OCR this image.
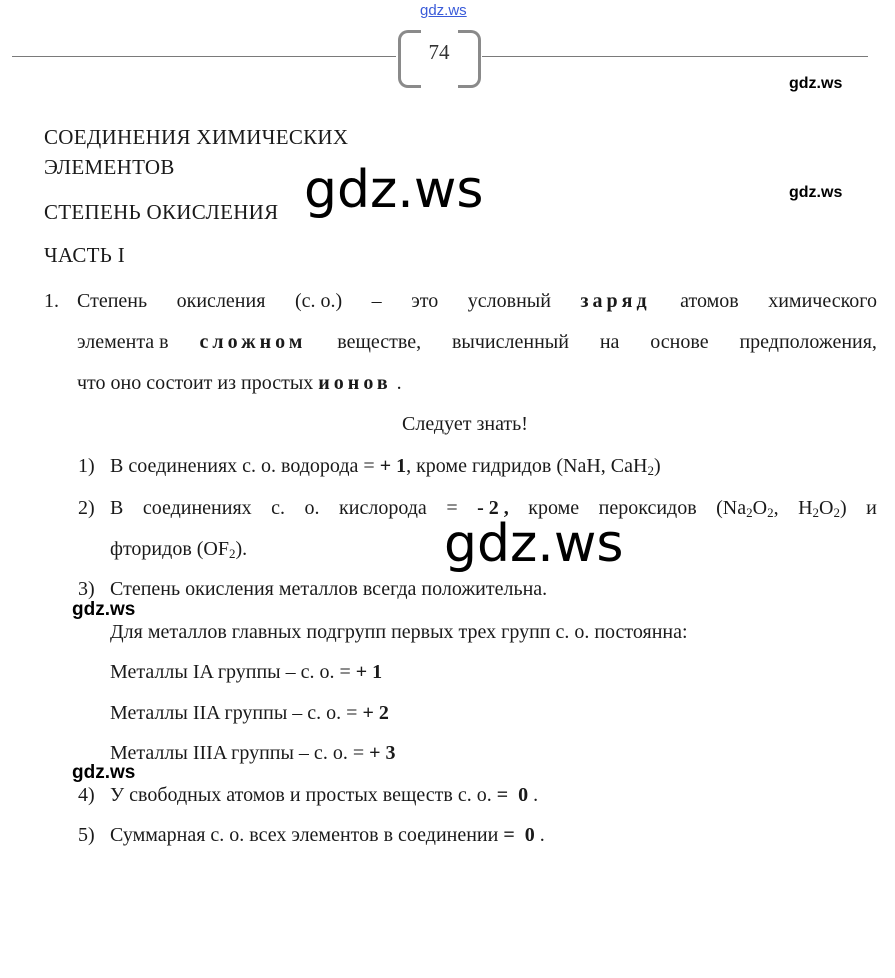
74
gdz.ws
gdz.ws
gdz.ws
gdz.ws
gdz.ws
gdz.ws
gdz.ws
СОЕДИНЕНИЯ ХИМИЧЕСКИХ
ЭЛЕМЕНТОВ
СТЕПЕНЬ ОКИСЛЕНИЯ
ЧАСТЬ I
1. Степень окисления (с. о.) – это условный заряд атомов химического
элемента в сложном веществе, вычисленный на основе предположения,
что оно состоит из простых ионов .
Следует знать!
1) В соединениях с. о. водорода = + 1, кроме гидридов (NaH, CaH$_2$)
2) В соединениях с. о. кислорода = - 2 , кроме пероксидов ($Na_2O_2$, $H_2O_2$) и
фторидов $(OF_2)$.
3) Степень окисления металлов всегда положительна.
Для металлов главных подгрупп первых трех групп с. о. постоянна:
Металлы IA группы – с. о. = + 1
Металлы IIA группы – с. о. = + 2
Металлы IIIA группы – с. о. = + 3
4) У свободных атомов и простых веществ с. о. = 0 .
5) Суммарная с. о. всех элементов в соединении = 0 .
